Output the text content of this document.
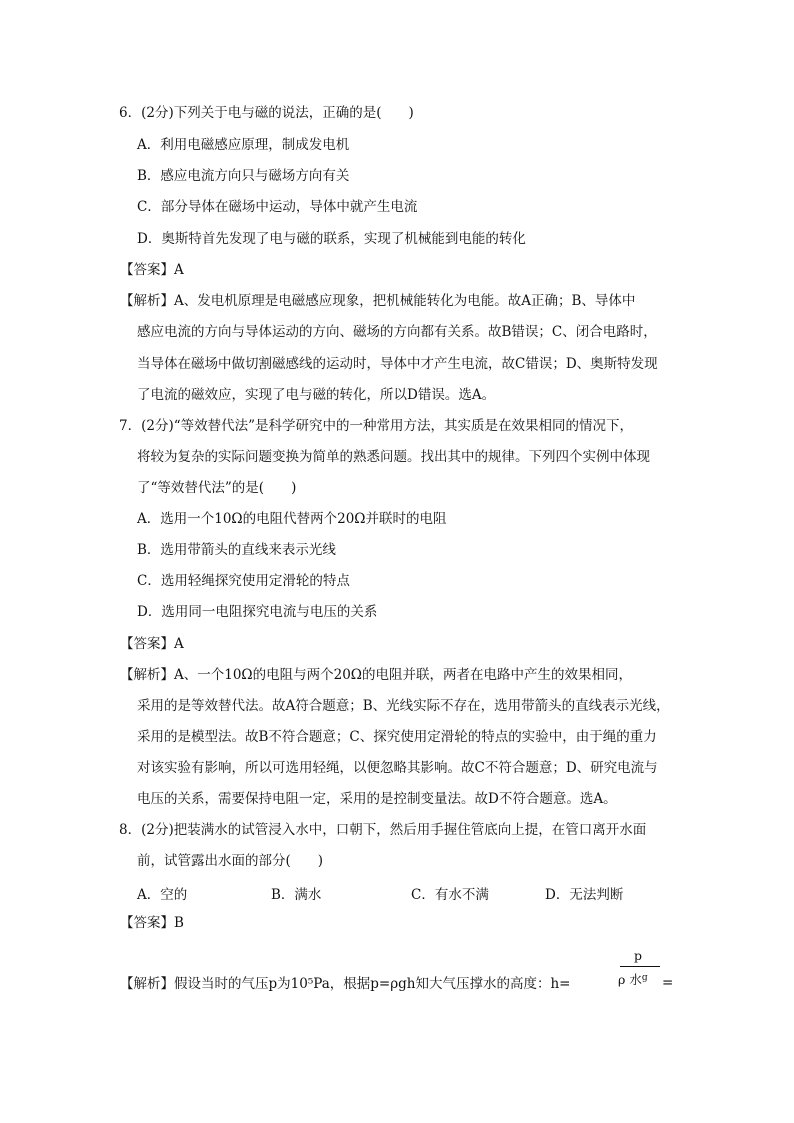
6．(2分)下列关于电与磁的说法，正确的是(　　)
A．利用电磁感应原理，制成发电机
B．感应电流方向只与磁场方向有关
C．部分导体在磁场中运动，导体中就产生电流
D．奥斯特首先发现了电与磁的联系，实现了机械能到电能的转化
【答案】A
【解析】A、发电机原理是电磁感应现象，把机械能转化为电能。故A正确；B、导体中
感应电流的方向与导体运动的方向、磁场的方向都有关系。故B错误；C、闭合电路时，
当导体在磁场中做切割磁感线的运动时，导体中才产生电流，故C错误；D、奥斯特发现
了电流的磁效应，实现了电与磁的转化，所以D错误。选A。
7．(2分)“等效替代法”是科学研究中的一种常用方法，其实质是在效果相同的情况下，
将较为复杂的实际问题变换为简单的熟悉问题。找出其中的规律。下列四个实例中体现
了“等效替代法”的是(　　)
A．选用一个10Ω的电阻代替两个20Ω并联时的电阻
B．选用带箭头的直线来表示光线
C．选用轻绳探究使用定滑轮的特点
D．选用同一电阻探究电流与电压的关系
【答案】A
【解析】A、一个10Ω的电阻与两个20Ω的电阻并联，两者在电路中产生的效果相同，
采用的是等效替代法。故A符合题意；B、光线实际不存在，选用带箭头的直线表示光线，
采用的是模型法。故B不符合题意；C、探究使用定滑轮的特点的实验中，由于绳的重力
对该实验有影响，所以可选用轻绳，以便忽略其影响。故C不符合题意；D、研究电流与
电压的关系，需要保持电阻一定，采用的是控制变量法。故D不符合题意。选A。
8．(2分)把装满水的试管浸入水中，口朝下，然后用手握住管底向上提，在管口离开水面
前，试管露出水面的部分(　　)
A．空的	B．满水	C．有水不满	D．无法判断
【答案】B
【解析】假设当时的气压p为10⁵Pa，根据p=ρgh知大气压撑水的高度：h=
p
ρ 水$^g$ =
